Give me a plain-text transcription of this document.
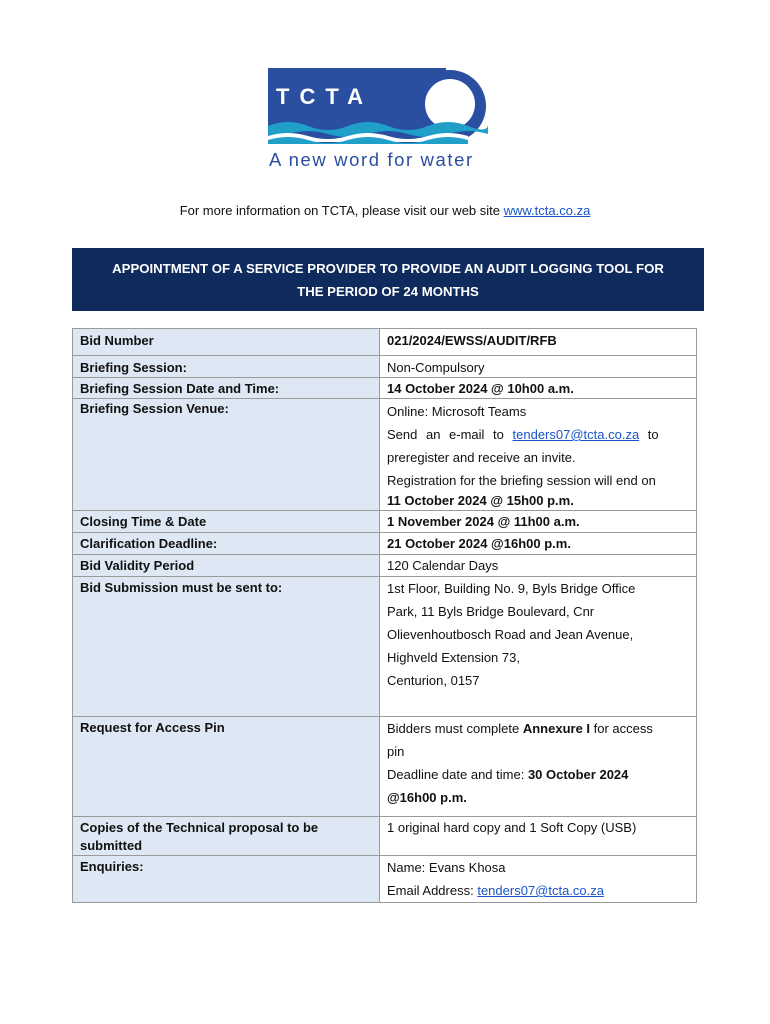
TCTA
A new word for water
For more information on TCTA, please visit our web site www.tcta.co.za
APPOINTMENT OF A SERVICE PROVIDER TO PROVIDE AN AUDIT LOGGING TOOL FOR
THE PERIOD OF 24 MONTHS
Bid Number	021/2024/EWSS/AUDIT/RFB
Briefing Session:	Non-Compulsory
Briefing Session Date and Time:	14 October 2024 @ 10h00 a.m.
Briefing Session Venue:	Online: Microsoft Teams
Send an e-mail to tenders07@tcta.co.za to
preregister and receive an invite.
Registration for the briefing session will end on
11 October 2024 @ 15h00 p.m.

Closing Time & Date	1 November 2024 @ 11h00 a.m.
Clarification Deadline:	21 October 2024 @16h00 p.m.
Bid Validity Period	120 Calendar Days
Bid Submission must be sent to:	1st Floor, Building No. 9, Byls Bridge Office
Park, 11 Byls Bridge Boulevard, Cnr
Olievenhoutbosch Road and Jean Avenue,
Highveld Extension 73,
Centurion, 0157

Request for Access Pin	Bidders must complete Annexure I for access
pin
Deadline date and time: 30 October 2024
@16h00 p.m.

Copies of the Technical proposal to be submitted	1 original hard copy and 1 Soft Copy (USB)
Enquiries:	Name: Evans Khosa
Email Address: tenders07@tcta.co.za
